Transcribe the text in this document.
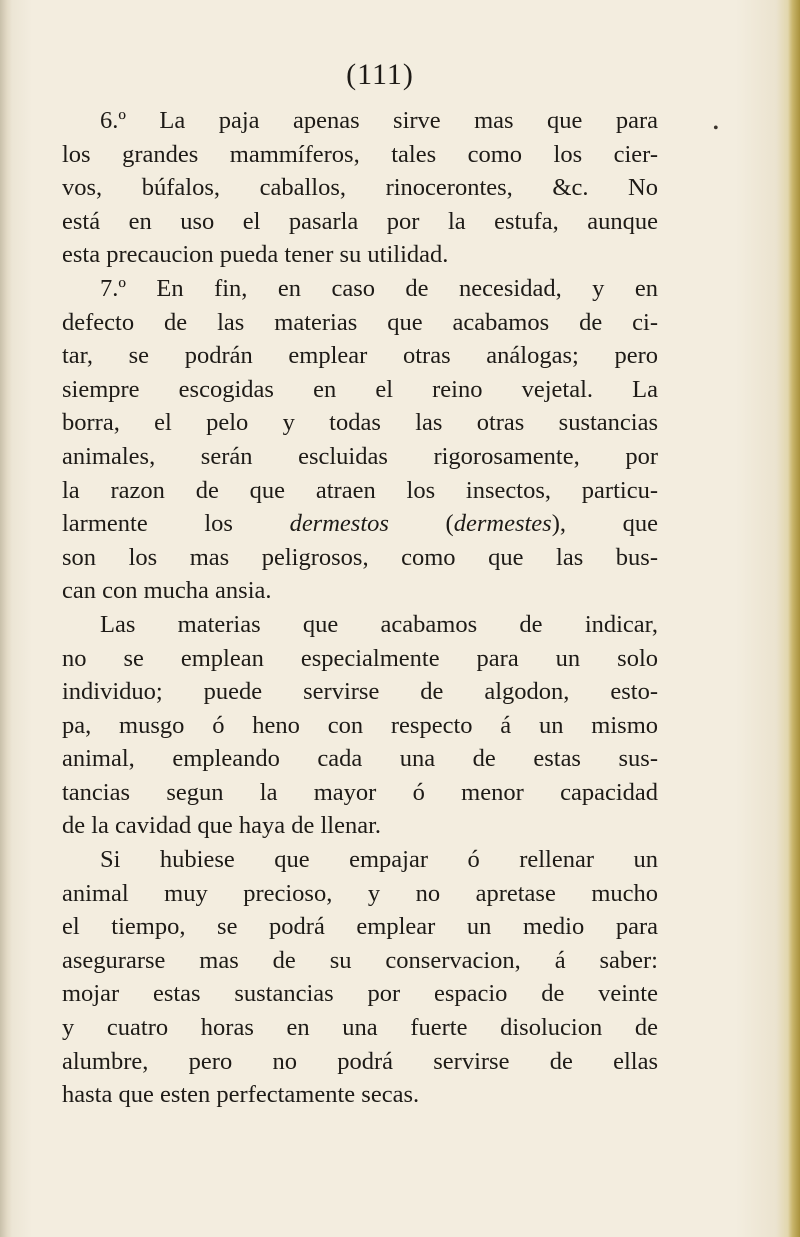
(111)
•
6.º La paja apenas sirve mas que para
los grandes mammíferos, tales como los cier-
vos, búfalos, caballos, rinocerontes, &c. No
está en uso el pasarla por la estufa, aunque
esta precaucion pueda tener su utilidad.
7.º En fin, en caso de necesidad, y en
defecto de las materias que acabamos de ci-
tar, se podrán emplear otras análogas; pero
siempre escogidas en el reino vejetal. La
borra, el pelo y todas las otras sustancias
animales, serán escluidas rigorosamente, por
la razon de que atraen los insectos, particu-
larmente los dermestos (dermestes), que
son los mas peligrosos, como que las bus-
can con mucha ansia.
Las materias que acabamos de indicar,
no se emplean especialmente para un solo
individuo; puede servirse de algodon, esto-
pa, musgo ó heno con respecto á un mismo
animal, empleando cada una de estas sus-
tancias segun la mayor ó menor capacidad
de la cavidad que haya de llenar.
Si hubiese que empajar ó rellenar un
animal muy precioso, y no apretase mucho
el tiempo, se podrá emplear un medio para
asegurarse mas de su conservacion, á saber:
mojar estas sustancias por espacio de veinte
y cuatro horas en una fuerte disolucion de
alumbre, pero no podrá servirse de ellas
hasta que esten perfectamente secas.
